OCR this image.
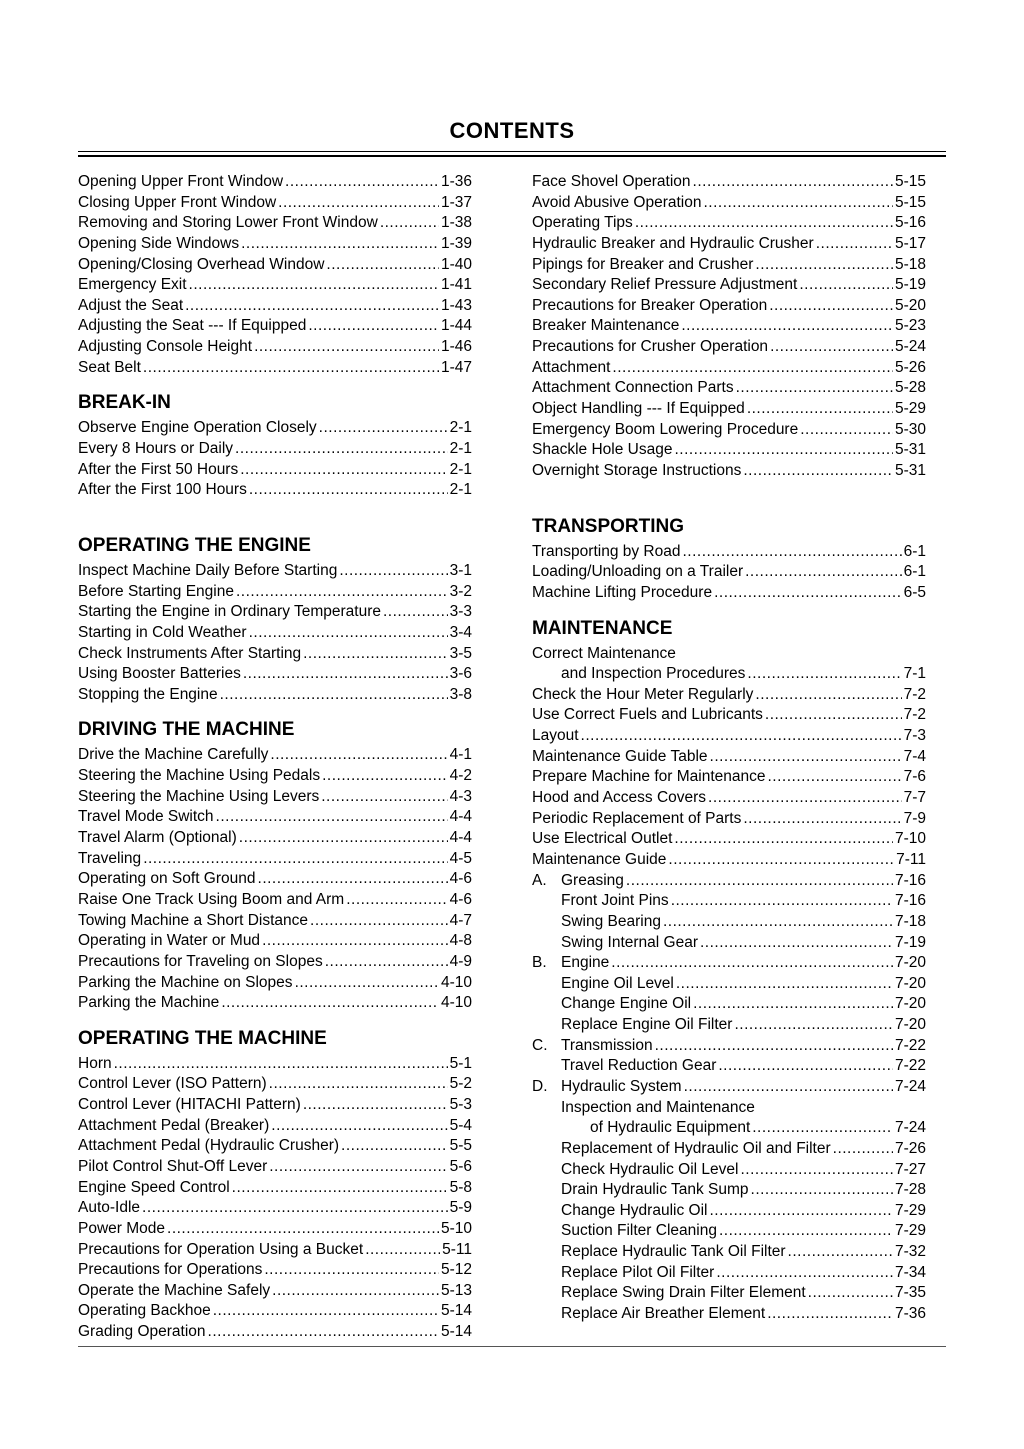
CONTENTS
Opening Upper Front Window .....	1-36
Closing Upper Front Window .....	1-37
Removing and Storing Lower Front Window .....	1-38
Opening Side Windows .....	1-39
Opening/Closing Overhead Window .....	1-40
Emergency Exit .....	1-41
Adjust the Seat .....	1-43
Adjusting the Seat --- If Equipped .....	1-44
Adjusting Console Height .....	1-46
Seat Belt .....	1-47
BREAK-IN
Observe Engine Operation Closely .....	2-1
Every 8 Hours or Daily .....	2-1
After the First 50 Hours .....	2-1
After the First 100 Hours .....	2-1
OPERATING THE ENGINE
Inspect Machine Daily Before Starting .....	3-1
Before Starting Engine .....	3-2
Starting the Engine in Ordinary Temperature .....	3-3
Starting in Cold Weather .....	3-4
Check Instruments After Starting .....	3-5
Using Booster Batteries .....	3-6
Stopping the Engine .....	3-8
DRIVING THE MACHINE
Drive the Machine Carefully .....	4-1
Steering the Machine Using Pedals .....	4-2
Steering the Machine Using Levers .....	4-3
Travel Mode Switch .....	4-4
Travel Alarm (Optional) .....	4-4
Traveling .....	4-5
Operating on Soft Ground .....	4-6
Raise One Track Using Boom and Arm .....	4-6
Towing Machine a Short Distance .....	4-7
Operating in Water or Mud .....	4-8
Precautions for Traveling on Slopes .....	4-9
Parking the Machine on Slopes .....	4-10
Parking the Machine .....	4-10
OPERATING THE MACHINE
Horn .....	5-1
Control Lever (ISO Pattern) .....	5-2
Control Lever (HITACHI Pattern) .....	5-3
Attachment Pedal (Breaker) .....	5-4
Attachment Pedal (Hydraulic Crusher) .....	5-5
Pilot Control Shut-Off Lever .....	5-6
Engine Speed Control .....	5-8
Auto-Idle .....	5-9
Power Mode .....	5-10
Precautions for Operation Using a Bucket .....	5-11
Precautions for Operations .....	5-12
Operate the Machine Safely .....	5-13
Operating Backhoe .....	5-14
Grading Operation .....	5-14
Face Shovel Operation .....	5-15
Avoid Abusive Operation .....	5-15
Operating Tips .....	5-16
Hydraulic Breaker and Hydraulic Crusher .....	5-17
Pipings for Breaker and Crusher .....	5-18
Secondary Relief Pressure Adjustment .....	5-19
Precautions for Breaker Operation .....	5-20
Breaker Maintenance .....	5-23
Precautions for Crusher Operation .....	5-24
Attachment .....	5-26
Attachment Connection Parts .....	5-28
Object Handling --- If Equipped .....	5-29
Emergency Boom Lowering Procedure .....	5-30
Shackle Hole Usage .....	5-31
Overnight Storage Instructions .....	5-31
TRANSPORTING
Transporting by Road .....	6-1
Loading/Unloading on a Trailer .....	6-1
Machine Lifting Procedure .....	6-5
MAINTENANCE
Correct Maintenance
and Inspection Procedures .....	7-1
Check the Hour Meter Regularly .....	7-2
Use Correct Fuels and Lubricants .....	7-2
Layout .....	7-3
Maintenance Guide Table .....	7-4
Prepare Machine for Maintenance .....	7-6
Hood and Access Covers .....	7-7
Periodic Replacement of Parts .....	7-9
Use Electrical Outlet .....	7-10
Maintenance Guide .....	7-11
A. Greasing .....	7-16
Front Joint Pins .....	7-16
Swing Bearing .....	7-18
Swing Internal Gear .....	7-19
B. Engine .....	7-20
Engine Oil Level .....	7-20
Change Engine Oil .....	7-20
Replace Engine Oil Filter .....	7-20
C. Transmission .....	7-22
Travel Reduction Gear .....	7-22
D. Hydraulic System .....	7-24
Inspection and Maintenance
of Hydraulic Equipment .....	7-24
Replacement of Hydraulic Oil and Filter .....	7-26
Check Hydraulic Oil Level .....	7-27
Drain Hydraulic Tank Sump .....	7-28
Change Hydraulic Oil .....	7-29
Suction Filter Cleaning .....	7-29
Replace Hydraulic Tank Oil Filter .....	7-32
Replace Pilot Oil Filter .....	7-34
Replace Swing Drain Filter Element .....	7-35
Replace Air Breather Element .....	7-36
